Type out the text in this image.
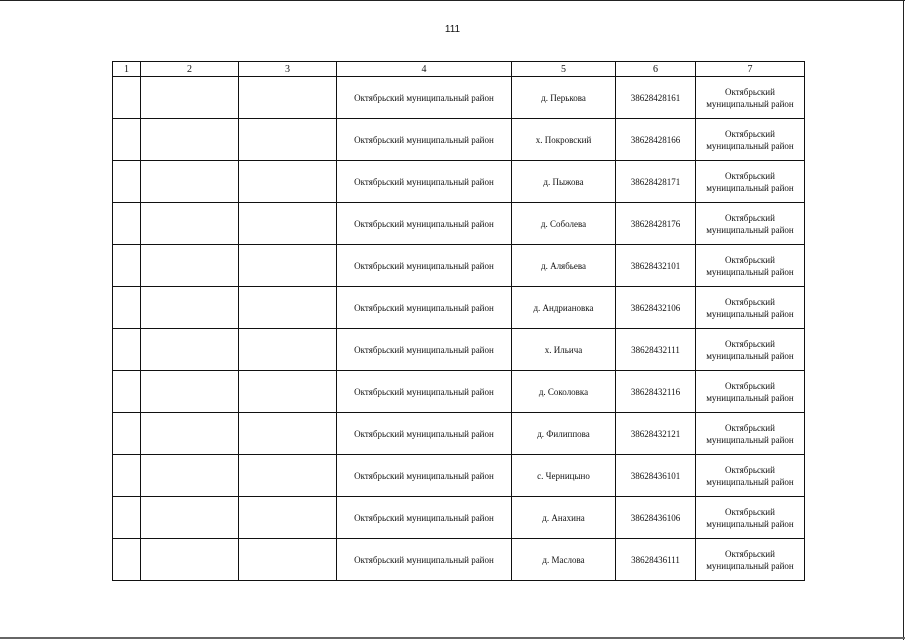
111
1	2	3	4	5	6	7
			Октябрьский муниципальный район	д. Перькова	38628428161	Октябрьский муниципальный район
			Октябрьский муниципальный район	х. Покровский	38628428166	Октябрьский муниципальный район
			Октябрьский муниципальный район	д. Пыжова	38628428171	Октябрьский муниципальный район
			Октябрьский муниципальный район	д. Соболева	38628428176	Октябрьский муниципальный район
			Октябрьский муниципальный район	д. Алябьева	38628432101	Октябрьский муниципальный район
			Октябрьский муниципальный район	д. Андриановка	38628432106	Октябрьский муниципальный район
			Октябрьский муниципальный район	х. Ильича	38628432111	Октябрьский муниципальный район
			Октябрьский муниципальный район	д. Соколовка	38628432116	Октябрьский муниципальный район
			Октябрьский муниципальный район	д. Филиппова	38628432121	Октябрьский муниципальный район
			Октябрьский муниципальный район	с. Черницыно	38628436101	Октябрьский муниципальный район
			Октябрьский муниципальный район	д. Анахина	38628436106	Октябрьский муниципальный район
			Октябрьский муниципальный район	д. Маслова	38628436111	Октябрьский муниципальный район
